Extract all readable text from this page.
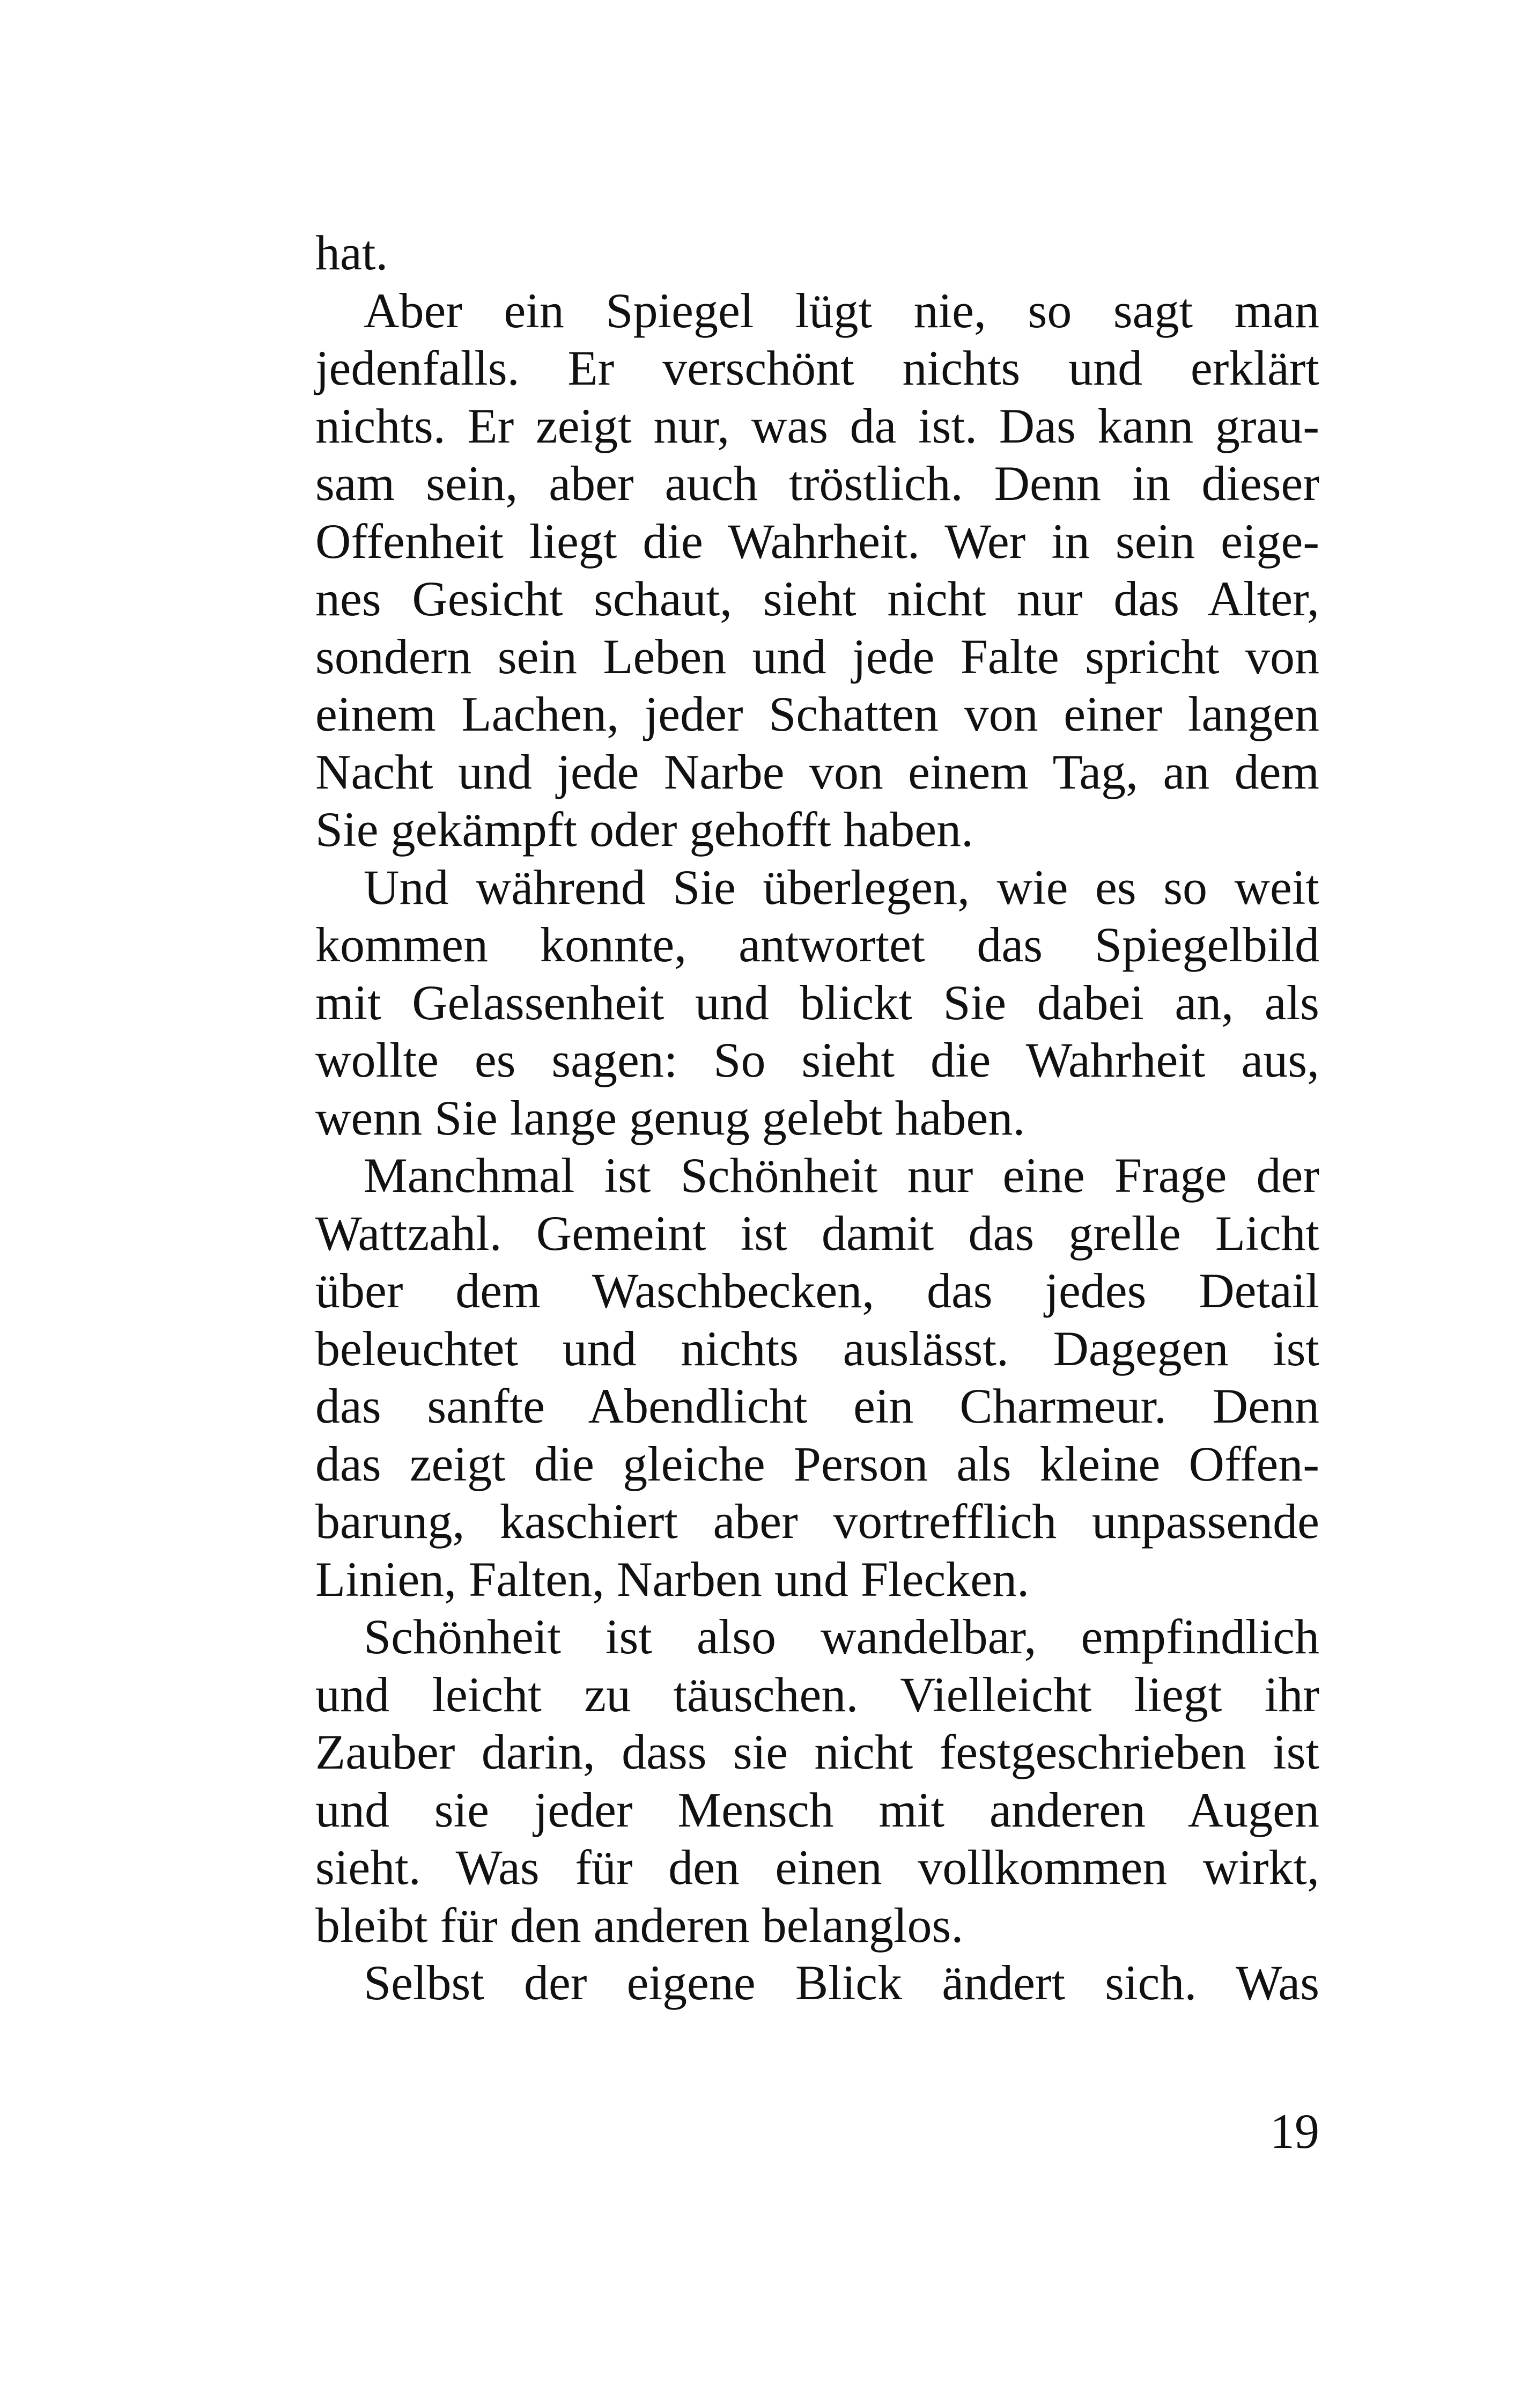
hat.
Aber ein Spiegel lügt nie, so sagt man
jedenfalls. Er verschönt nichts und erklärt
nichts. Er zeigt nur, was da ist. Das kann grau-
sam sein, aber auch tröstlich. Denn in dieser
Offenheit liegt die Wahrheit. Wer in sein eige-
nes Gesicht schaut, sieht nicht nur das Alter,
sondern sein Leben und jede Falte spricht von
einem Lachen, jeder Schatten von einer langen
Nacht und jede Narbe von einem Tag, an dem
Sie gekämpft oder gehofft haben.
Und während Sie überlegen, wie es so weit
kommen konnte, antwortet das Spiegelbild
mit Gelassenheit und blickt Sie dabei an, als
wollte es sagen: So sieht die Wahrheit aus,
wenn Sie lange genug gelebt haben.
Manchmal ist Schönheit nur eine Frage der
Wattzahl. Gemeint ist damit das grelle Licht
über dem Waschbecken, das jedes Detail
beleuchtet und nichts auslässt. Dagegen ist
das sanfte Abendlicht ein Charmeur. Denn
das zeigt die gleiche Person als kleine Offen-
barung, kaschiert aber vortrefflich unpassende
Linien, Falten, Narben und Flecken.
Schönheit ist also wandelbar, empfindlich
und leicht zu täuschen. Vielleicht liegt ihr
Zauber darin, dass sie nicht festgeschrieben ist
und sie jeder Mensch mit anderen Augen
sieht. Was für den einen vollkommen wirkt,
bleibt für den anderen belanglos.
Selbst der eigene Blick ändert sich. Was
19
